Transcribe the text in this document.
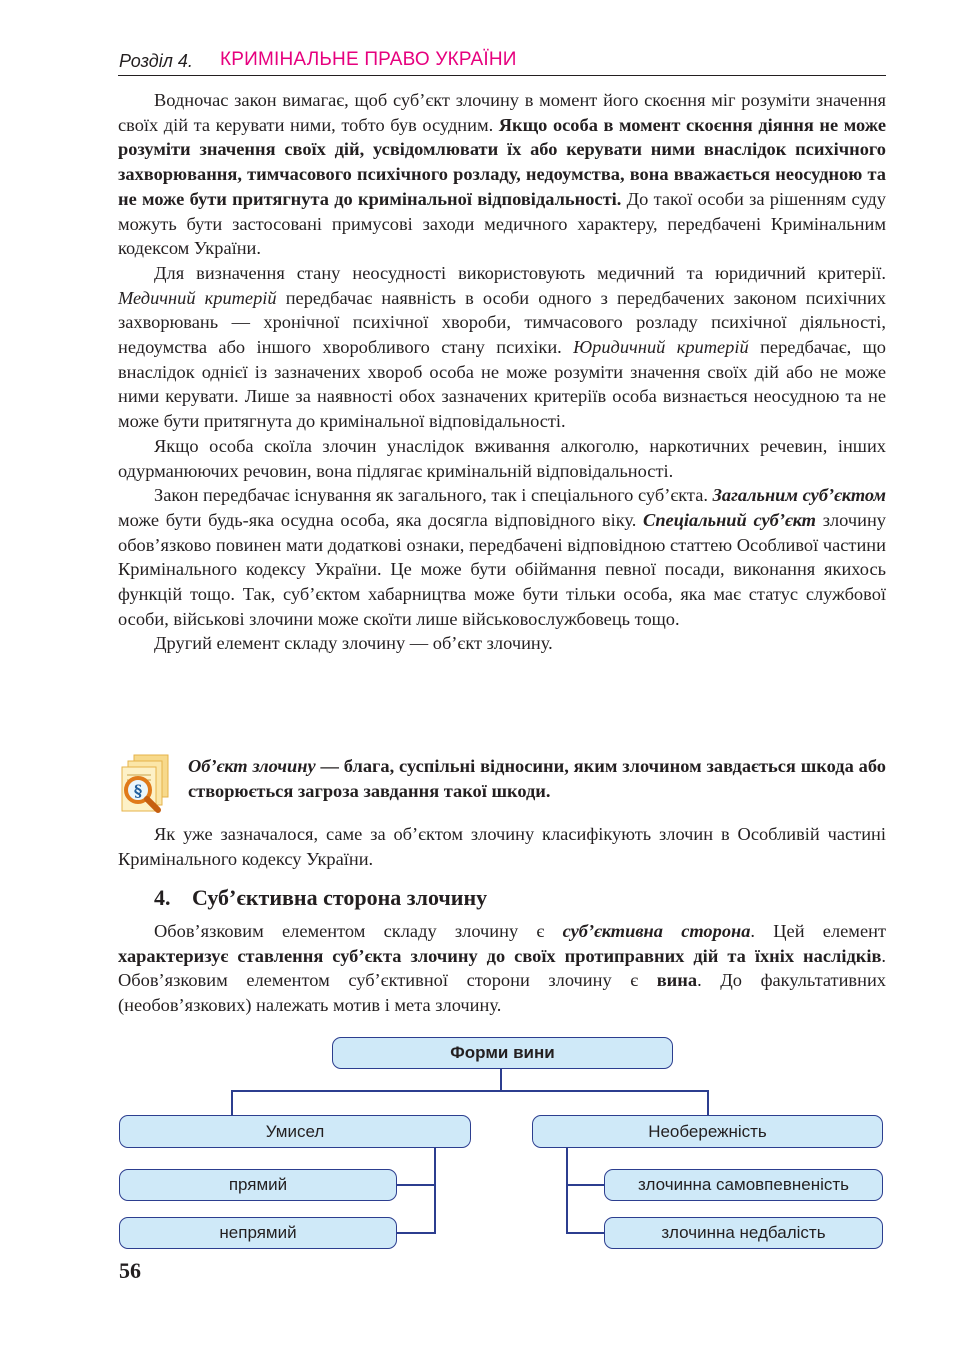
Розділ 4. КРИМІНАЛЬНЕ ПРАВО УКРАЇНИ

Водночас закон вимагає, щоб суб’єкт злочину в момент його скоєння міг розуміти значення своїх дій та керувати ними, тобто був осудним. Якщо особа в момент скоєння діяння не може розуміти значення своїх дій, усвідомлювати їх або керувати ними внаслідок психічного захворювання, тимчасового психічного розладу, недоумства, вона вважається неосудною та не може бути притягнута до кримінальної відповідальності. До такої особи за рішенням суду можуть бути застосовані примусові заходи медичного характеру, передбачені Кримінальним кодексом України.

Для визначення стану неосудності використовують медичний та юридичний критерії. Медичний критерій передбачає наявність в особи одного з передбачених законом психічних захворювань — хронічної психічної хвороби, тимчасового розладу психічної діяльності, недоумства або іншого хворобливого стану психіки. Юридичний критерій передбачає, що внаслідок однієї із зазначених хвороб особа не може розуміти значення своїх дій або не може ними керувати. Лише за наявності обох зазначених критеріїв особа визнається неосудною та не може бути притягнута до кримінальної відповідальності.

Якщо особа скоїла злочин унаслідок вживання алкоголю, наркотичних речевин, інших одурманюючих речовин, вона підлягає кримінальній відповідальності.

Закон передбачає існування як загального, так і спеціального суб’єкта. Загальним суб’єктом може бути будь-яка осудна особа, яка досягла відповідного віку. Спеціальний суб’єкт злочину обов’язково повинен мати додаткові ознаки, передбачені відповідною статтею Особливої частини Кримінального кодексу України. Це може бути обіймання певної посади, виконання якихось функцій тощо. Так, суб’єктом хабарництва може бути тільки особа, яка має статус службової особи, військові злочини може скоїти лише військовослужбовець тощо.

Другий елемент складу злочину — об’єкт злочину.

§
Об’єкт злочину — блага, суспільні відносини, яким злочином завдається шкода або створюється загроза завдання такої шкоди.

Як уже зазначалося, саме за об’єктом злочину класифікують злочин в Особливій частині Кримінального кодексу України.

4. Суб’єктивна сторона злочину

Обов’язковим елементом складу злочину є суб’єктивна сторона. Цей елемент характеризує ставлення суб’єкта злочину до своїх протиправних дій та їхніх наслідків. Обов’язковим елементом суб’єктивної сторони злочину є вина. До факультативних (необов’язкових) належать мотив і мета злочину.

Форми вини
Умисел	Необережність
прямий
непрямий
злочинна самовпевненість
злочинна недбалість
56
